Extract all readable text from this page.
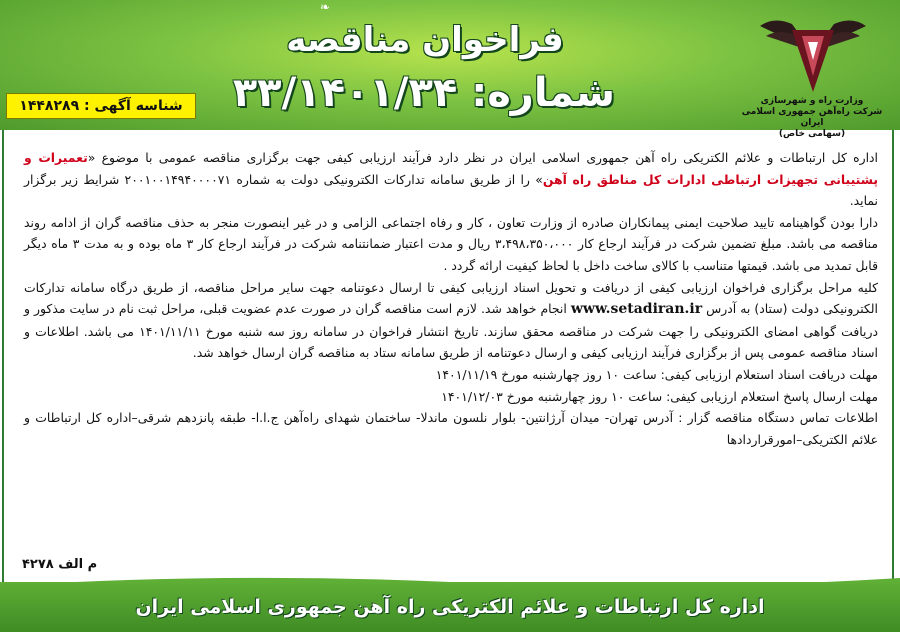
❧
فراخوان مناقصه
شماره: ۳۳/۱۴۰۱/۳۴
شناسه آگهی : ۱۴۴۸۲۸۹	وزارت راه و شهرسازی
شرکت راه‌آهن جمهوری اسلامی ایران
(سهامی خاص)

اداره کل ارتباطات و علائم الکتریکی راه آهن جمهوری اسلامی ایران در نظر دارد فرآیند ارزیابی کیفی جهت برگزاری مناقصه عمومی با موضوع «تعمیرات و پشتیبانی تجهیزات ارتباطی ادارات کل مناطق راه آهن» را از طریق سامانه تدارکات الکترونیکی دولت به شماره ۲۰۰۱۰۰۱۴۹۴۰۰۰۰۷۱ شرایط زیر برگزار نماید.

دارا بودن گواهینامه تایید صلاحیت ایمنی پیمانکاران صادره از وزارت تعاون ، کار و رفاه اجتماعی الزامی و در غیر اینصورت منجر به حذف مناقصه گران از ادامه روند مناقصه می باشد. مبلغ تضمین شرکت در فرآیند ارجاع کار ۳،۴۹۸،۳۵۰،۰۰۰ ریال و مدت اعتبار ضمانتنامه شرکت در فرآیند ارجاع کار ۳ ماه بوده و به مدت ۳ ماه دیگر قابل تمدید می باشد. قیمتها متناسب با کالای ساخت داخل با لحاظ کیفیت ارائه گردد .

کلیه مراحل برگزاری فراخوان ارزیابی کیفی از دریافت و تحویل اسناد ارزیابی کیفی تا ارسال دعوتنامه جهت سایر مراحل مناقصه، از طریق درگاه سامانه تدارکات الکترونیکی دولت (ستاد) به آدرس www.setadiran.ir انجام خواهد شد. لازم است مناقصه گران در صورت عدم عضویت قبلی، مراحل ثبت نام در سایت مذکور و دریافت گواهی امضای الکترونیکی را جهت شرکت در مناقصه محقق سازند. تاریخ انتشار فراخوان در سامانه روز سه شنبه مورخ ۱۴۰۱/۱۱/۱۱ می باشد. اطلاعات و اسناد مناقصه عمومی پس از برگزاری فرآیند ارزیابی کیفی و ارسال دعوتنامه از طریق سامانه ستاد به مناقصه گران ارسال خواهد شد.

مهلت دریافت اسناد استعلام ارزیابی کیفی: ساعت ۱۰ روز چهارشنبه مورخ ۱۴۰۱/۱۱/۱۹

مهلت ارسال پاسخ استعلام ارزیابی کیفی: ساعت ۱۰ روز چهارشنبه مورخ ۱۴۰۱/۱۲/۰۳

اطلاعات تماس دستگاه مناقصه گزار : آدرس تهران- میدان آرژانتین- بلوار نلسون ماندلا- ساختمان شهدای راه‌آهن ج.ا.ا- طبقه پانزدهم شرقی–اداره کل ارتباطات و علائم الکتریکی–امورقراردادها

م الف ۴۲۷۸
اداره کل ارتباطات و علائم الکتریکی راه آهن جمهوری اسلامی ایران
